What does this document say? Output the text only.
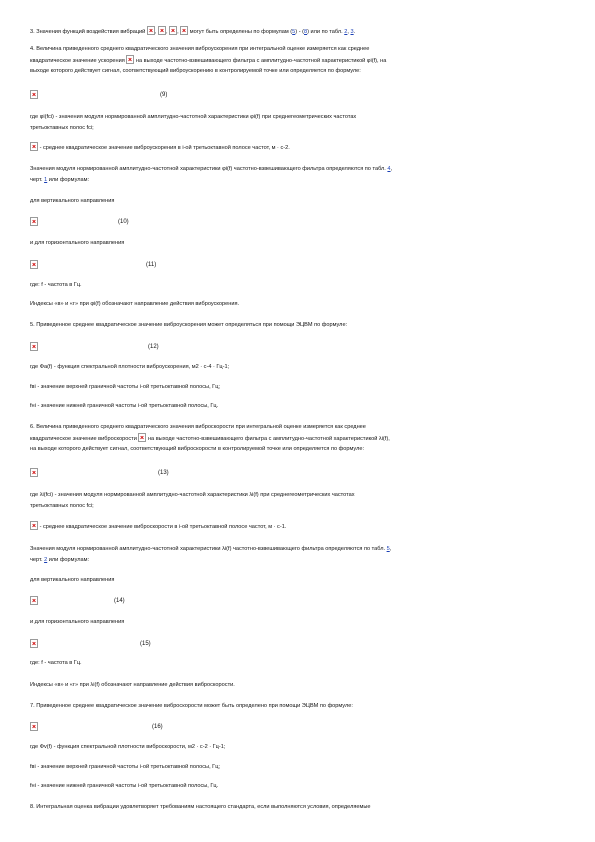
3. Значения функций воздействия вибраций , , , могут быть определены по формулам (5) - (8) или по табл. 2, 3.
4. Величина приведенного среднего квадратического значения виброускорения при интегральной оценке измеряется как среднее
квадратическое значение ускорения на выходе частотно-взвешивающего фильтра с амплитудно-частотной характеристикой φi(f), на
выходе которого действует сигнал, соответствующий виброускорению в контролируемой точке или определяется по формуле:
(9)
где φi(fci) - значения модуля нормированной амплитудно-частотной характеристики φi(f) при среднегеометрических частотах
третьоктавных полос fci;
- среднее квадратическое значение виброускорения в i-ой третьоктавной полосе частот, м · с-2.
Значения модуля нормированной амплитудно-частотной характеристики φi(f) частотно-взвешивающего фильтра определяются по табл. 4,
черт. 1 или формулам:
для вертикального направления
(10)
и для горизонтального направления
(11)
где: f - частота в Гц.
Индексы «в» и «г» при φi(f) обозначают направление действия виброускорения.
5. Приведенное среднее квадратическое значение виброускорения может определяться при помощи ЭЦВМ по формуле:
(12)
где Фa(f) - функция спектральной плотности виброускорения, м2 · с-4 · Гц-1;
fвi - значение верхней граничной частоты i-ой третьоктавной полосы, Гц;
fнi - значение нижней граничной частоты i-ой третьоктавной полосы, Гц.
6. Величина приведенного среднего квадратического значения виброскорости при интегральной оценке измеряется как среднее
квадратическое значение виброскорости на выходе частотно-взвешивающего фильтра с амплитудно-частотной характеристикой λi(f),
на выходе которого действует сигнал, соответствующий виброскорости в контролируемой точке или определяется по формуле:
(13)
где λi(fci) - значения модуля нормированной амплитудно-частотной характеристики λi(f) при среднегеометрических частотах
третьоктавных полос fci;
- среднее квадратическое значение виброскорости в i-ой третьоктавной полосе частот, м · с-1.
Значения модуля нормированной амплитудно-частотной характеристики λi(f) частотно-взвешивающего фильтра определяются по табл. 5,
черт. 2 или формулам:
для вертикального направления
(14)
и для горизонтального направления
(15)
где: f - частота в Гц.
Индексы «в» и «г» при λi(f) обозначают направление действия виброскорости.
7. Приведенное среднее квадратическое значение виброскорости может быть определено при помощи ЭЦВМ по формуле:
(16)
где Фv(f) - функция спектральной плотности виброскорости, м2 · с-2 · Гц-1;
fвi - значение верхней граничной частоты i-ой третьоктавной полосы, Гц;
fнi - значение нижней граничной частоты i-ой третьоктавной полосы, Гц.
8. Интегральная оценка вибрации удовлетворяет требованиям настоящего стандарта, если выполняются условия, определяемые
